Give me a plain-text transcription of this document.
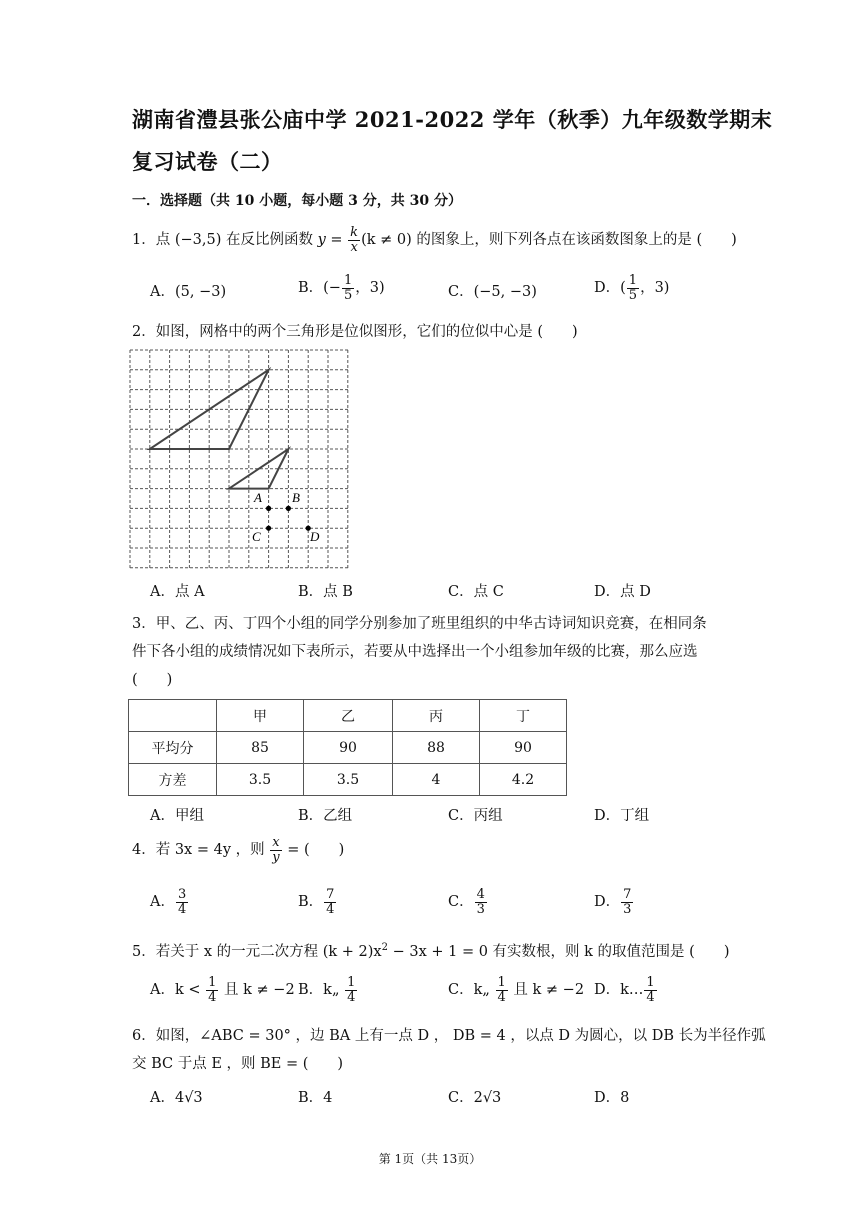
湖南省澧县张公庙中学 2021-2022 学年（秋季）九年级数学期末
复习试卷（二）
一．选择题（共 10 小题，每小题 3 分，共 30 分）
1．点 (−3,5) 在反比例函数 $y = \frac{k}{x} (k \ne 0)$ 的图象上，则下列各点在该函数图象上的是 (　　)
A．(5, −3)	B．(− $\frac{1}{5}$ ，3)	C．(−5, −3)	D．( $\frac{1}{5}$ ，3)
2．如图，网格中的两个三角形是位似图形，它们的位似中心是 (　　)
A B
C	D
A．点 A	B．点 B	C．点 C	D．点 D
3．甲、乙、丙、丁四个小组的同学分别参加了班里组织的中华古诗词知识竞赛，在相同条
件下各小组的成绩情况如下表所示，若要从中选择出一个小组参加年级的比赛，那么应选
(　　)
	甲	乙	丙	丁
平均分	85	90	88	90
方差	3.5	3.5	4	4.2
A．甲组	B．乙组	C．丙组	D．丁组
4．若 3x = 4y ，则 $\frac{x}{y}$ = (　　)
A． $\frac{3}{4}$	B． $\frac{7}{4}$	C． $\frac{4}{3}$	D． $\frac{7}{3}$
5．若关于 x 的一元二次方程 $(k + 2)x^2 - 3x + 1 = 0$ 有实数根，则 k 的取值范围是 (　　)
A．$k < \frac{1}{4}$ 且 k ≠ −2 B．k„ $\frac{1}{4}$	C．k„ $\frac{1}{4}$ 且 k ≠ −2 D．k… $\frac{1}{4}$
6．如图，∠ABC = 30° ，边 BA 上有一点 D ， DB = 4 ，以点 D 为圆心，以 DB 长为半径作弧
交 BC 于点 E ，则 BE = (　　)
A．4√3	B．4	C．2√3	D．8
第 1页（共 13页）
